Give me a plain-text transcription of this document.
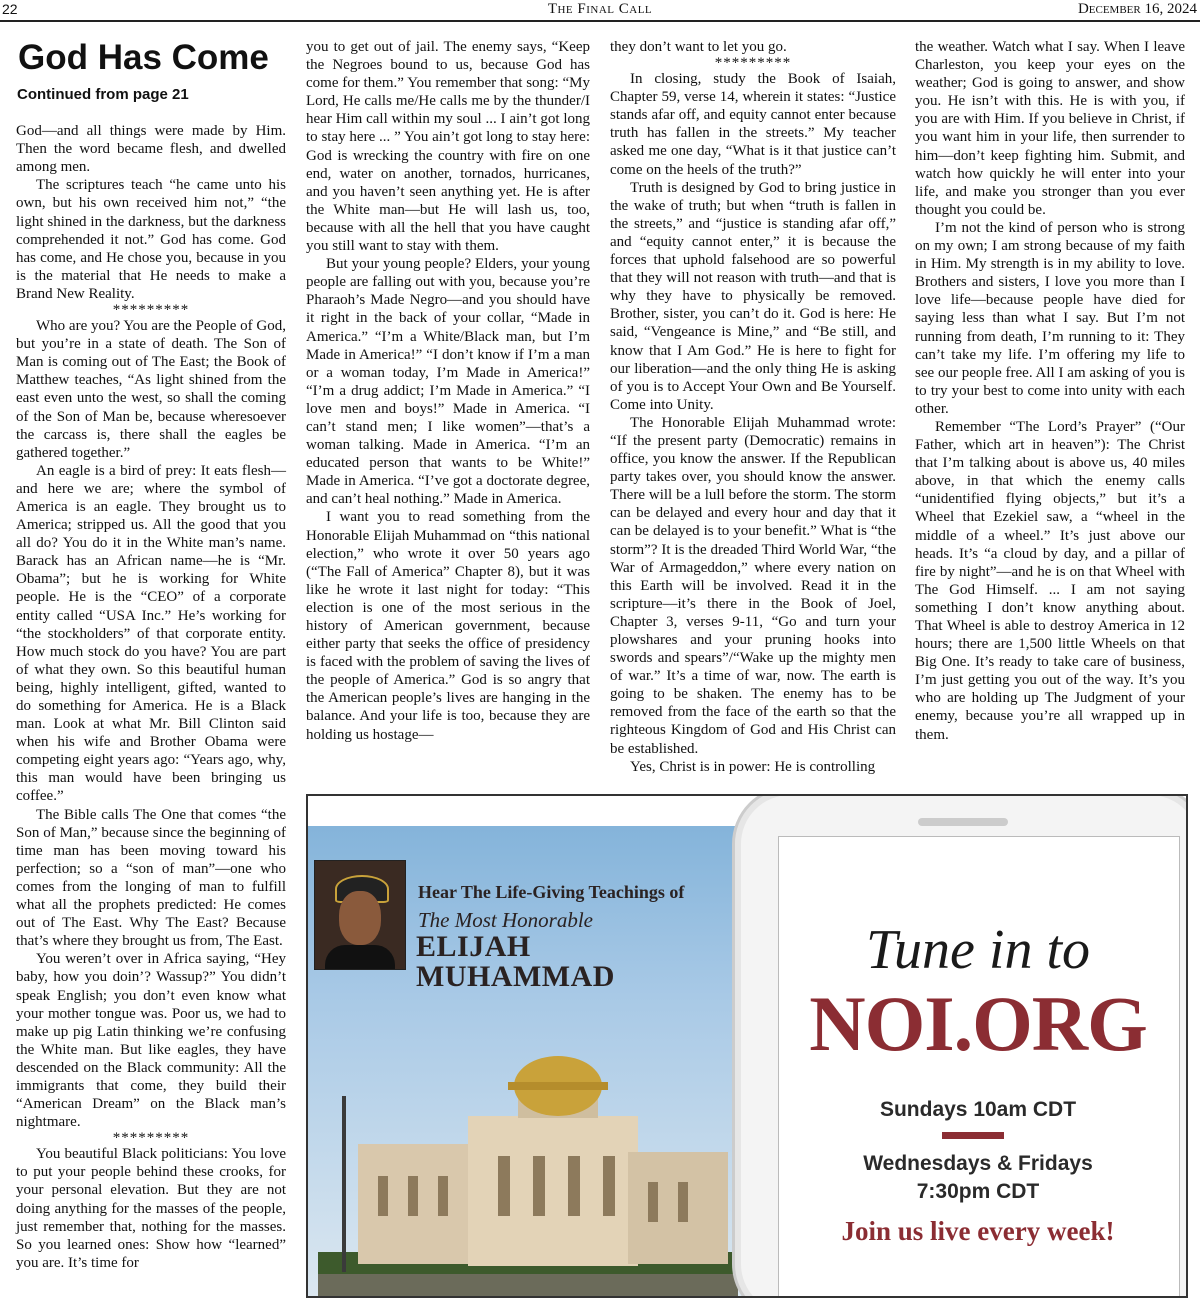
22	The Final Call	December 16, 2024
God Has Come
Continued from page 21

God—and all things were made by Him. Then the word became flesh, and dwelled among men.

The scriptures teach “he came unto his own, but his own received him not,” “the light shined in the darkness, but the darkness comprehended it not.” God has come. God has come, and He chose you, because in you is the material that He needs to make a Brand New Reality.

*********

Who are you? You are the People of God, but you’re in a state of death. The Son of Man is coming out of The East; the Book of Matthew teaches, “As light shined from the east even unto the west, so shall the coming of the Son of Man be, because wheresoever the carcass is, there shall the eagles be gathered together.”

An eagle is a bird of prey: It eats flesh—and here we are; where the symbol of America is an eagle. They brought us to America; stripped us. All the good that you all do? You do it in the White man’s name. Barack has an African name—he is “Mr. Obama”; but he is working for White people. He is the “CEO” of a corporate entity called “USA Inc.” He’s working for “the stockholders” of that corporate entity. How much stock do you have? You are part of what they own. So this beautiful human being, highly intelligent, gifted, wanted to do something for America. He is a Black man. Look at what Mr. Bill Clinton said when his wife and Brother Obama were competing eight years ago: “Years ago, why, this man would have been bringing us coffee.”

The Bible calls The One that comes “the Son of Man,” because since the beginning of time man has been moving toward his perfection; so a “son of man”—one who comes from the longing of man to fulfill what all the prophets predicted: He comes out of The East. Why The East? Because that’s where they brought us from, The East.

You weren’t over in Africa saying, “Hey baby, how you doin’? Wassup?” You didn’t speak English; you don’t even know what your mother tongue was. Poor us, we had to make up pig Latin thinking we’re confusing the White man. But like eagles, they have descended on the Black community: All the immigrants that come, they build their “American Dream” on the Black man’s nightmare.

*********

You beautiful Black politicians: You love to put your people behind these crooks, for your personal elevation. But they are not doing anything for the masses of the people, just remember that, nothing for the masses. So you learned ones: Show how “learned” you are. It’s time for

you to get out of jail. The enemy says, “Keep the Negroes bound to us, because God has come for them.” You remember that song: “My Lord, He calls me/He calls me by the thunder/I hear Him call within my soul ... I ain’t got long to stay here ... ” You ain’t got long to stay here: God is wrecking the country with fire on one end, water on another, tornados, hurricanes, and you haven’t seen anything yet. He is after the White man—but He will lash us, too, because with all the hell that you have caught you still want to stay with them.

But your young people? Elders, your young people are falling out with you, because you’re Pharaoh’s Made Negro—and you should have it right in the back of your collar, “Made in America.” “I’m a White/Black man, but I’m Made in America!” “I don’t know if I’m a man or a woman today, I’m Made in America!” “I’m a drug addict; I’m Made in America.” “I love men and boys!” Made in America. “I can’t stand men; I like women”—that’s a woman talking. Made in America. “I’m an educated person that wants to be White!” Made in America. “I’ve got a doctorate degree, and can’t heal nothing.” Made in America.

I want you to read something from the Honorable Elijah Muhammad on “this national election,” who wrote it over 50 years ago (“The Fall of America” Chapter 8), but it was like he wrote it last night for today: “This election is one of the most serious in the history of American government, because either party that seeks the office of presidency is faced with the problem of saving the lives of the people of America.” God is so angry that the American people’s lives are hanging in the balance. And your life is too, because they are holding us hostage—

they don’t want to let you go.

*********

In closing, study the Book of Isaiah, Chapter 59, verse 14, wherein it states: “Justice stands afar off, and equity cannot enter because truth has fallen in the streets.” My teacher asked me one day, “What is it that justice can’t come on the heels of the truth?”

Truth is designed by God to bring justice in the wake of truth; but when “truth is fallen in the streets,” and “justice is standing afar off,” and “equity cannot enter,” it is because the forces that uphold falsehood are so powerful that they will not reason with truth—and that is why they have to physically be removed. Brother, sister, you can’t do it. God is here: He said, “Vengeance is Mine,” and “Be still, and know that I Am God.” He is here to fight for our liberation—and the only thing He is asking of you is to Accept Your Own and Be Yourself. Come into Unity.

The Honorable Elijah Muhammad wrote: “If the present party (Democratic) remains in office, you know the answer. If the Republican party takes over, you should know the answer. There will be a lull before the storm. The storm can be delayed and every hour and day that it can be delayed is to your benefit.” What is “the storm”? It is the dreaded Third World War, “the War of Armageddon,” where every nation on this Earth will be involved. Read it in the scripture—it’s there in the Book of Joel, Chapter 3, verses 9-11, “Go and turn your plowshares and your pruning hooks into swords and spears”/“Wake up the mighty men of war.” It’s a time of war, now. The earth is going to be shaken. The enemy has to be removed from the face of the earth so that the righteous Kingdom of God and His Christ can be established.

Yes, Christ is in power: He is controlling

the weather. Watch what I say. When I leave Charleston, you keep your eyes on the weather; God is going to answer, and show you. He isn’t with this. He is with you, if you are with Him. If you believe in Christ, if you want him in your life, then surrender to him—don’t keep fighting him. Submit, and watch how quickly he will enter into your life, and make you stronger than you ever thought you could be.

I’m not the kind of person who is strong on my own; I am strong because of my faith in Him. My strength is in my ability to love. Brothers and sisters, I love you more than I love life—because people have died for saying less than what I say. But I’m not running from death, I’m running to it: They can’t take my life. I’m offering my life to see our people free. All I am asking of you is to try your best to come into unity with each other.

Remember “The Lord’s Prayer” (“Our Father, which art in heaven”): The Christ that I’m talking about is above us, 40 miles above, in that which the enemy calls “unidentified flying objects,” but it’s a Wheel that Ezekiel saw, a “wheel in the middle of a wheel.” It’s just above our heads. It’s “a cloud by day, and a pillar of fire by night”—and he is on that Wheel with The God Himself. ... I am not saying something I don’t know anything about. That Wheel is able to destroy America in 12 hours; there are 1,500 little Wheels on that Big One. It’s ready to take care of business, I’m just getting you out of the way. It’s you who are holding up The Judgment of your enemy, because you’re all wrapped up in them.

Hear The Life-Giving Teachings of
The Most Honorable
ELIJAH
MUHAMMAD	Tune in to
NOI.ORG
Sundays 10am CDT
Wednesdays & Fridays
7:30pm CDT
Join us live every week!
